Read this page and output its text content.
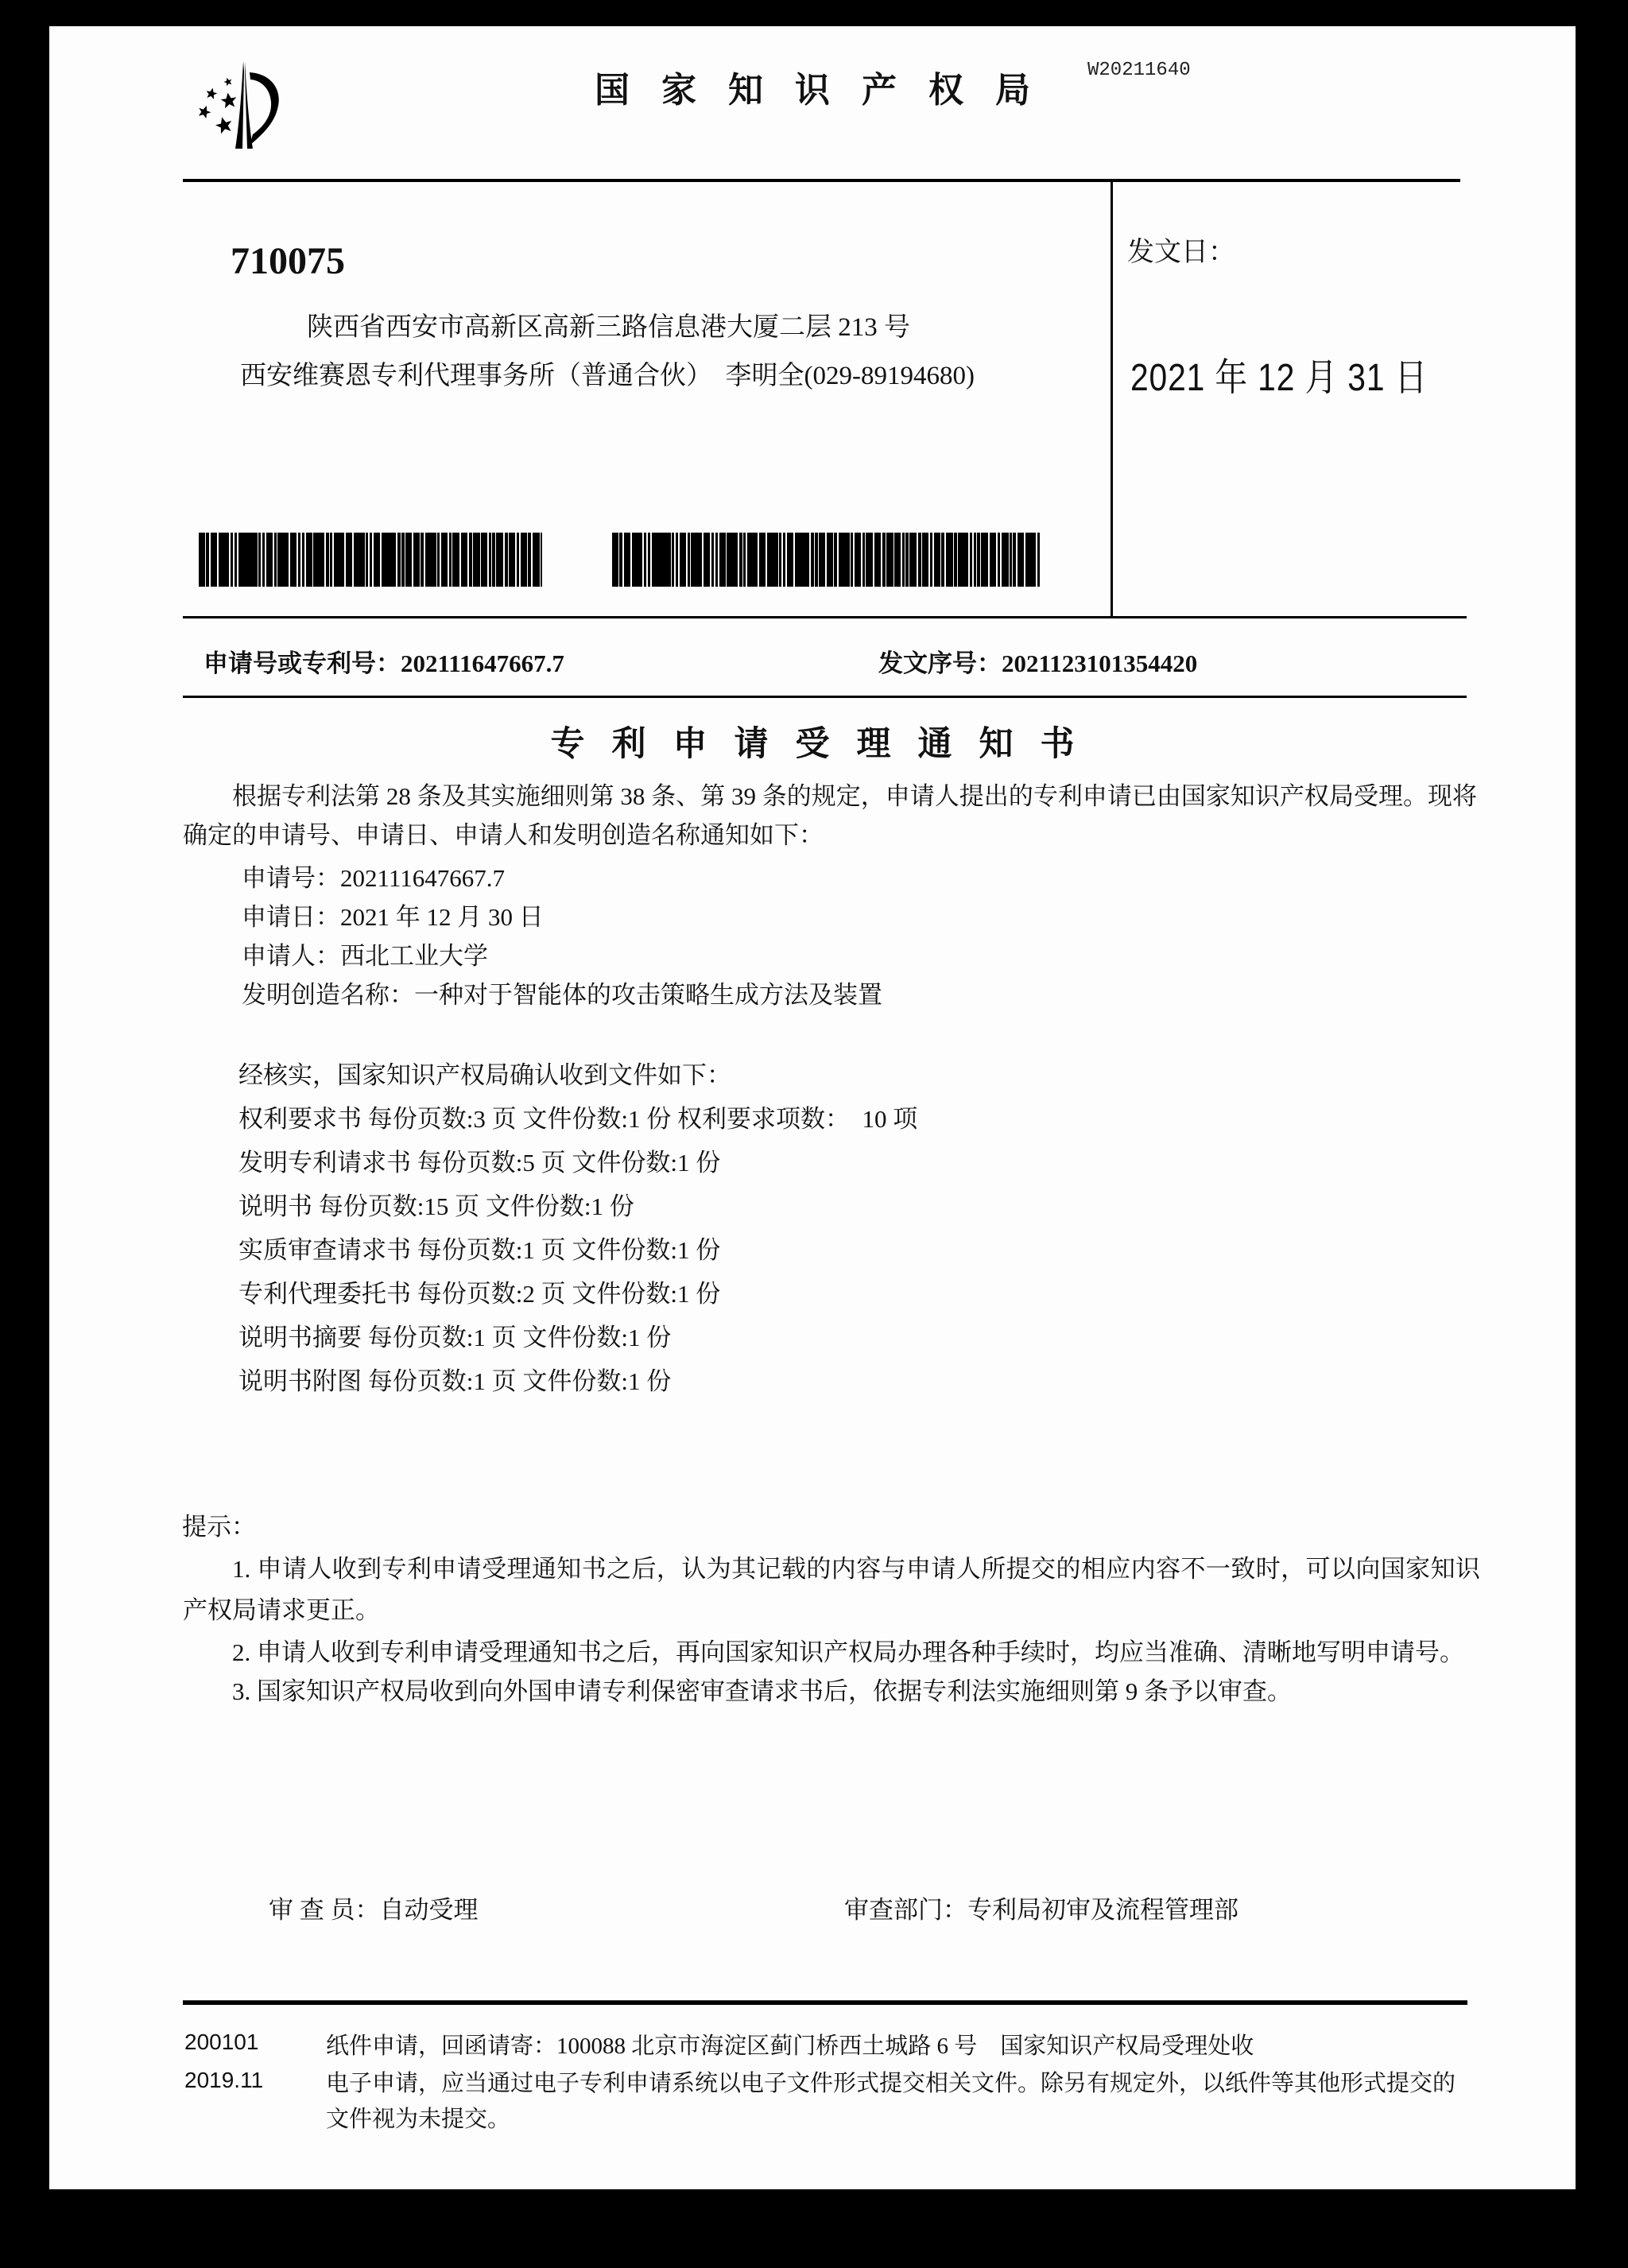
W20211640
国家知识产权局
710075
陕西省西安市高新区高新三路信息港大厦二层 213 号
西安维赛恩专利代理事务所（普通合伙）　李明全(029-89194680)
发文日：
2021 年 12 月 31 日
申请号或专利号：202111647667.7	发文序号：2021123101354420
专利申请受理通知书
根据专利法第 28 条及其实施细则第 38 条、第 39 条的规定，申请人提出的专利申请已由国家知识产权局受理。现将确定的申请号、申请日、申请人和发明创造名称通知如下：
申请号：202111647667.7
申请日：2021 年 12 月 30 日
申请人：西北工业大学
发明创造名称：一种对于智能体的攻击策略生成方法及装置
经核实，国家知识产权局确认收到文件如下：
权利要求书 每份页数:3 页 文件份数:1 份 权利要求项数：　10 项
发明专利请求书 每份页数:5 页 文件份数:1 份
说明书 每份页数:15 页 文件份数:1 份
实质审查请求书 每份页数:1 页 文件份数:1 份
专利代理委托书 每份页数:2 页 文件份数:1 份
说明书摘要 每份页数:1 页 文件份数:1 份
说明书附图 每份页数:1 页 文件份数:1 份
提示：
1. 申请人收到专利申请受理通知书之后，认为其记载的内容与申请人所提交的相应内容不一致时，可以向国家知识产权局请求更正。
2. 申请人收到专利申请受理通知书之后，再向国家知识产权局办理各种手续时，均应当准确、清晰地写明申请号。
3. 国家知识产权局收到向外国申请专利保密审查请求书后，依据专利法实施细则第 9 条予以审查。
审 查 员：自动受理	审查部门：专利局初审及流程管理部
200101
2019.11
纸件申请，回函请寄：100088 北京市海淀区蓟门桥西土城路 6 号　国家知识产权局受理处收
电子申请，应当通过电子专利申请系统以电子文件形式提交相关文件。除另有规定外，以纸件等其他形式提交的文件视为未提交。
